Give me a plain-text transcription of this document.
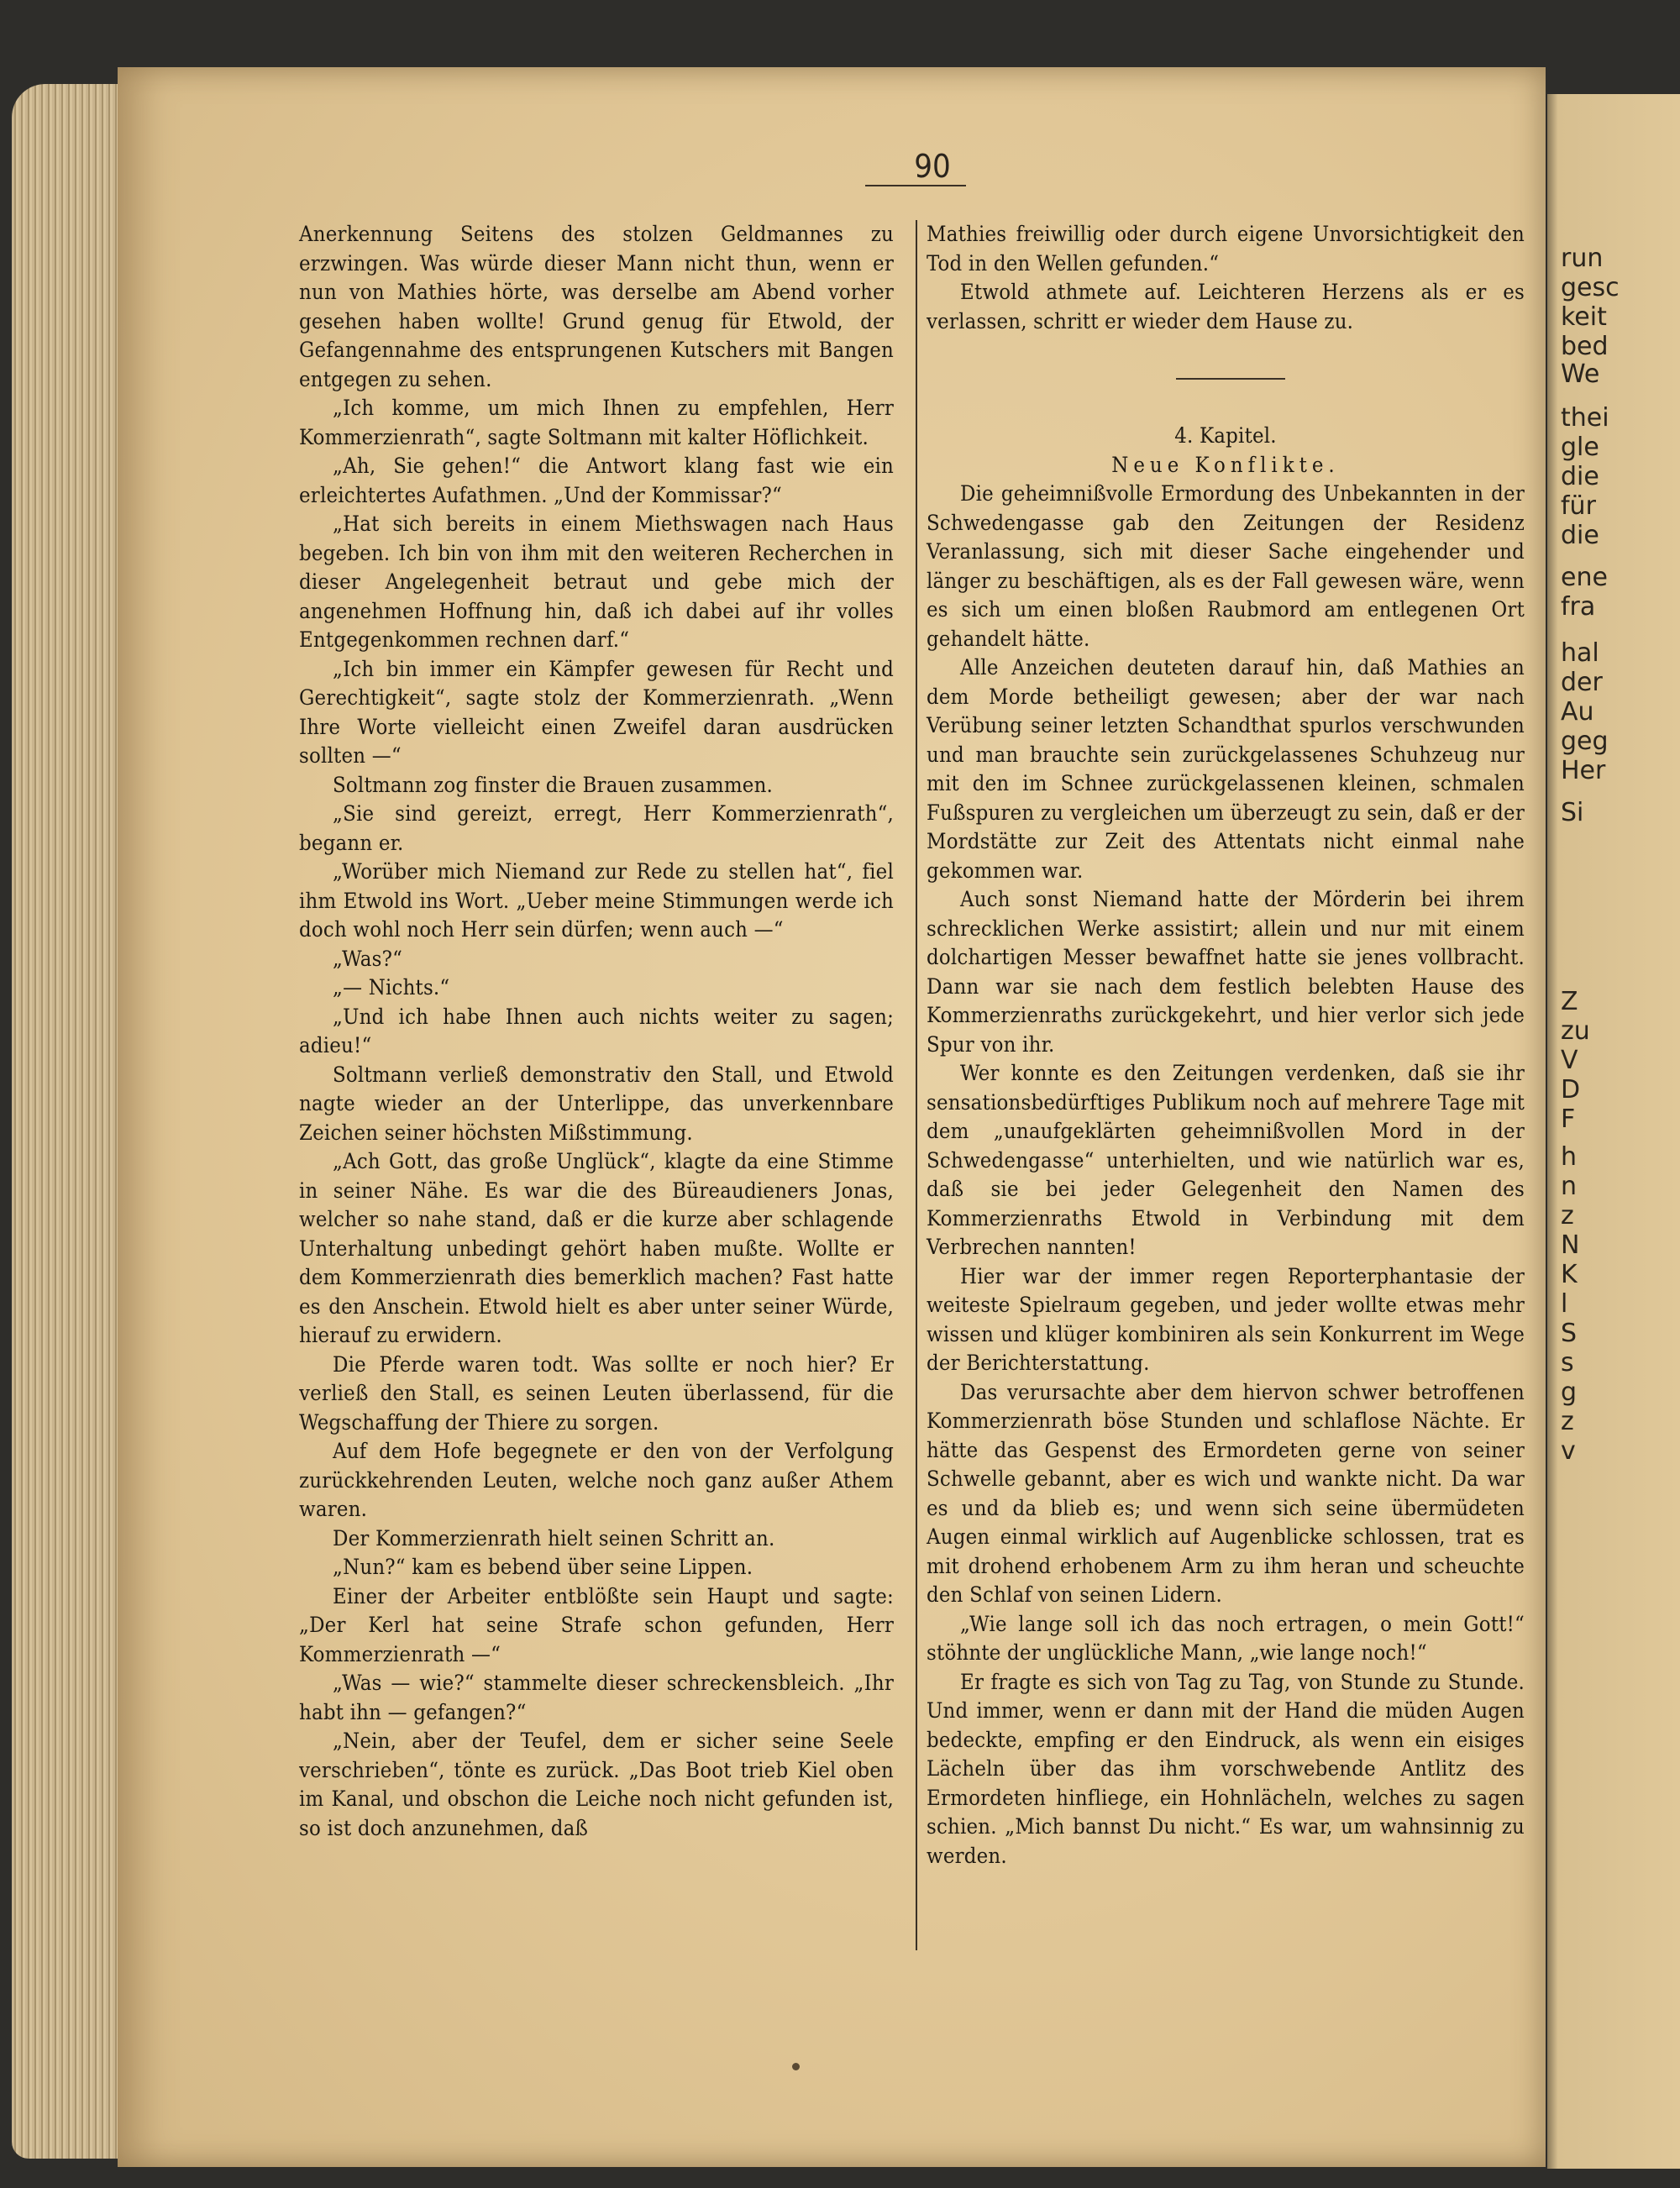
run
gesc
keit
bed
We
thei
gle
die
für
die
ene
fra
hal
der
Au
geg
Her
Si
Z
zu
V
D
F
h
n
z
N
K
l
S
s
g
z
v
90

Anerkennung Seitens des stolzen Geldmannes zu erzwingen. Was würde dieser Mann nicht thun, wenn er nun von Mathies hörte, was derselbe am Abend vorher gesehen haben wollte! Grund genug für Etwold, der Gefangennahme des entsprungenen Kutschers mit Bangen entgegen zu sehen.

„Ich komme, um mich Ihnen zu empfehlen, Herr Kommerzienrath“, sagte Soltmann mit kalter Höflichkeit.

„Ah, Sie gehen!“ die Antwort klang fast wie ein erleichtertes Aufathmen. „Und der Kommissar?“

„Hat sich bereits in einem Miethswagen nach Haus begeben. Ich bin von ihm mit den weiteren Recherchen in dieser Angelegenheit betraut und gebe mich der angenehmen Hoffnung hin, daß ich dabei auf ihr volles Entgegenkommen rechnen darf.“

„Ich bin immer ein Kämpfer gewesen für Recht und Gerechtigkeit“, sagte stolz der Kommerzienrath. „Wenn Ihre Worte vielleicht einen Zweifel daran ausdrücken sollten —“

Soltmann zog finster die Brauen zusammen.

„Sie sind gereizt, erregt, Herr Kommerzienrath“, begann er.

„Worüber mich Niemand zur Rede zu stellen hat“, fiel ihm Etwold ins Wort. „Ueber meine Stimmungen werde ich doch wohl noch Herr sein dürfen; wenn auch —“

„Was?“

„— Nichts.“

„Und ich habe Ihnen auch nichts weiter zu sagen; adieu!“

Soltmann verließ demonstrativ den Stall, und Etwold nagte wieder an der Unterlippe, das unverkennbare Zeichen seiner höchsten Mißstimmung.

„Ach Gott, das große Unglück“, klagte da eine Stimme in seiner Nähe. Es war die des Büreaudieners Jonas, welcher so nahe stand, daß er die kurze aber schlagende Unterhaltung unbedingt gehört haben mußte. Wollte er dem Kommerzienrath dies bemerklich machen? Fast hatte es den Anschein. Etwold hielt es aber unter seiner Würde, hierauf zu erwidern.

Die Pferde waren todt. Was sollte er noch hier? Er verließ den Stall, es seinen Leuten überlassend, für die Wegschaffung der Thiere zu sorgen.

Auf dem Hofe begegnete er den von der Verfolgung zurückkehrenden Leuten, welche noch ganz außer Athem waren.

Der Kommerzienrath hielt seinen Schritt an.

„Nun?“ kam es bebend über seine Lippen.

Einer der Arbeiter entblößte sein Haupt und sagte: „Der Kerl hat seine Strafe schon gefunden, Herr Kommerzienrath —“

„Was — wie?“ stammelte dieser schreckensbleich. „Ihr habt ihn — gefangen?“

„Nein, aber der Teufel, dem er sicher seine Seele verschrieben“, tönte es zurück. „Das Boot trieb Kiel oben im Kanal, und obschon die Leiche noch nicht gefunden ist, so ist doch anzunehmen, daß

Mathies freiwillig oder durch eigene Unvorsichtigkeit den Tod in den Wellen gefunden.“

Etwold athmete auf. Leichteren Herzens als er es verlassen, schritt er wieder dem Hause zu.

4. Kapitel.

Neue Konflikte.

Die geheimnißvolle Ermordung des Unbekannten in der Schwedengasse gab den Zeitungen der Residenz Veranlassung, sich mit dieser Sache eingehender und länger zu beschäftigen, als es der Fall gewesen wäre, wenn es sich um einen bloßen Raubmord am entlegenen Ort gehandelt hätte.

Alle Anzeichen deuteten darauf hin, daß Mathies an dem Morde betheiligt gewesen; aber der war nach Verübung seiner letzten Schandthat spurlos verschwunden und man brauchte sein zurückgelassenes Schuhzeug nur mit den im Schnee zurückgelassenen kleinen, schmalen Fußspuren zu vergleichen um überzeugt zu sein, daß er der Mordstätte zur Zeit des Attentats nicht einmal nahe gekommen war.

Auch sonst Niemand hatte der Mörderin bei ihrem schrecklichen Werke assistirt; allein und nur mit einem dolchartigen Messer bewaffnet hatte sie jenes vollbracht. Dann war sie nach dem festlich belebten Hause des Kommerzienraths zurückgekehrt, und hier verlor sich jede Spur von ihr.

Wer konnte es den Zeitungen verdenken, daß sie ihr sensationsbedürftiges Publikum noch auf mehrere Tage mit dem „unaufgeklärten geheimnißvollen Mord in der Schwedengasse“ unterhielten, und wie natürlich war es, daß sie bei jeder Gelegenheit den Namen des Kommerzienraths Etwold in Verbindung mit dem Verbrechen nannten!

Hier war der immer regen Reporterphantasie der weiteste Spielraum gegeben, und jeder wollte etwas mehr wissen und klüger kombiniren als sein Konkurrent im Wege der Berichterstattung.

Das verursachte aber dem hiervon schwer betroffenen Kommerzienrath böse Stunden und schlaflose Nächte. Er hätte das Gespenst des Ermordeten gerne von seiner Schwelle gebannt, aber es wich und wankte nicht. Da war es und da blieb es; und wenn sich seine übermüdeten Augen einmal wirklich auf Augenblicke schlossen, trat es mit drohend erhobenem Arm zu ihm heran und scheuchte den Schlaf von seinen Lidern.

„Wie lange soll ich das noch ertragen, o mein Gott!“ stöhnte der unglückliche Mann, „wie lange noch!“

Er fragte es sich von Tag zu Tag, von Stunde zu Stunde. Und immer, wenn er dann mit der Hand die müden Augen bedeckte, empfing er den Eindruck, als wenn ein eisiges Lächeln über das ihm vorschwebende Antlitz des Ermordeten hinfliege, ein Hohnlächeln, welches zu sagen schien. „Mich bannst Du nicht.“ Es war, um wahnsinnig zu werden.
